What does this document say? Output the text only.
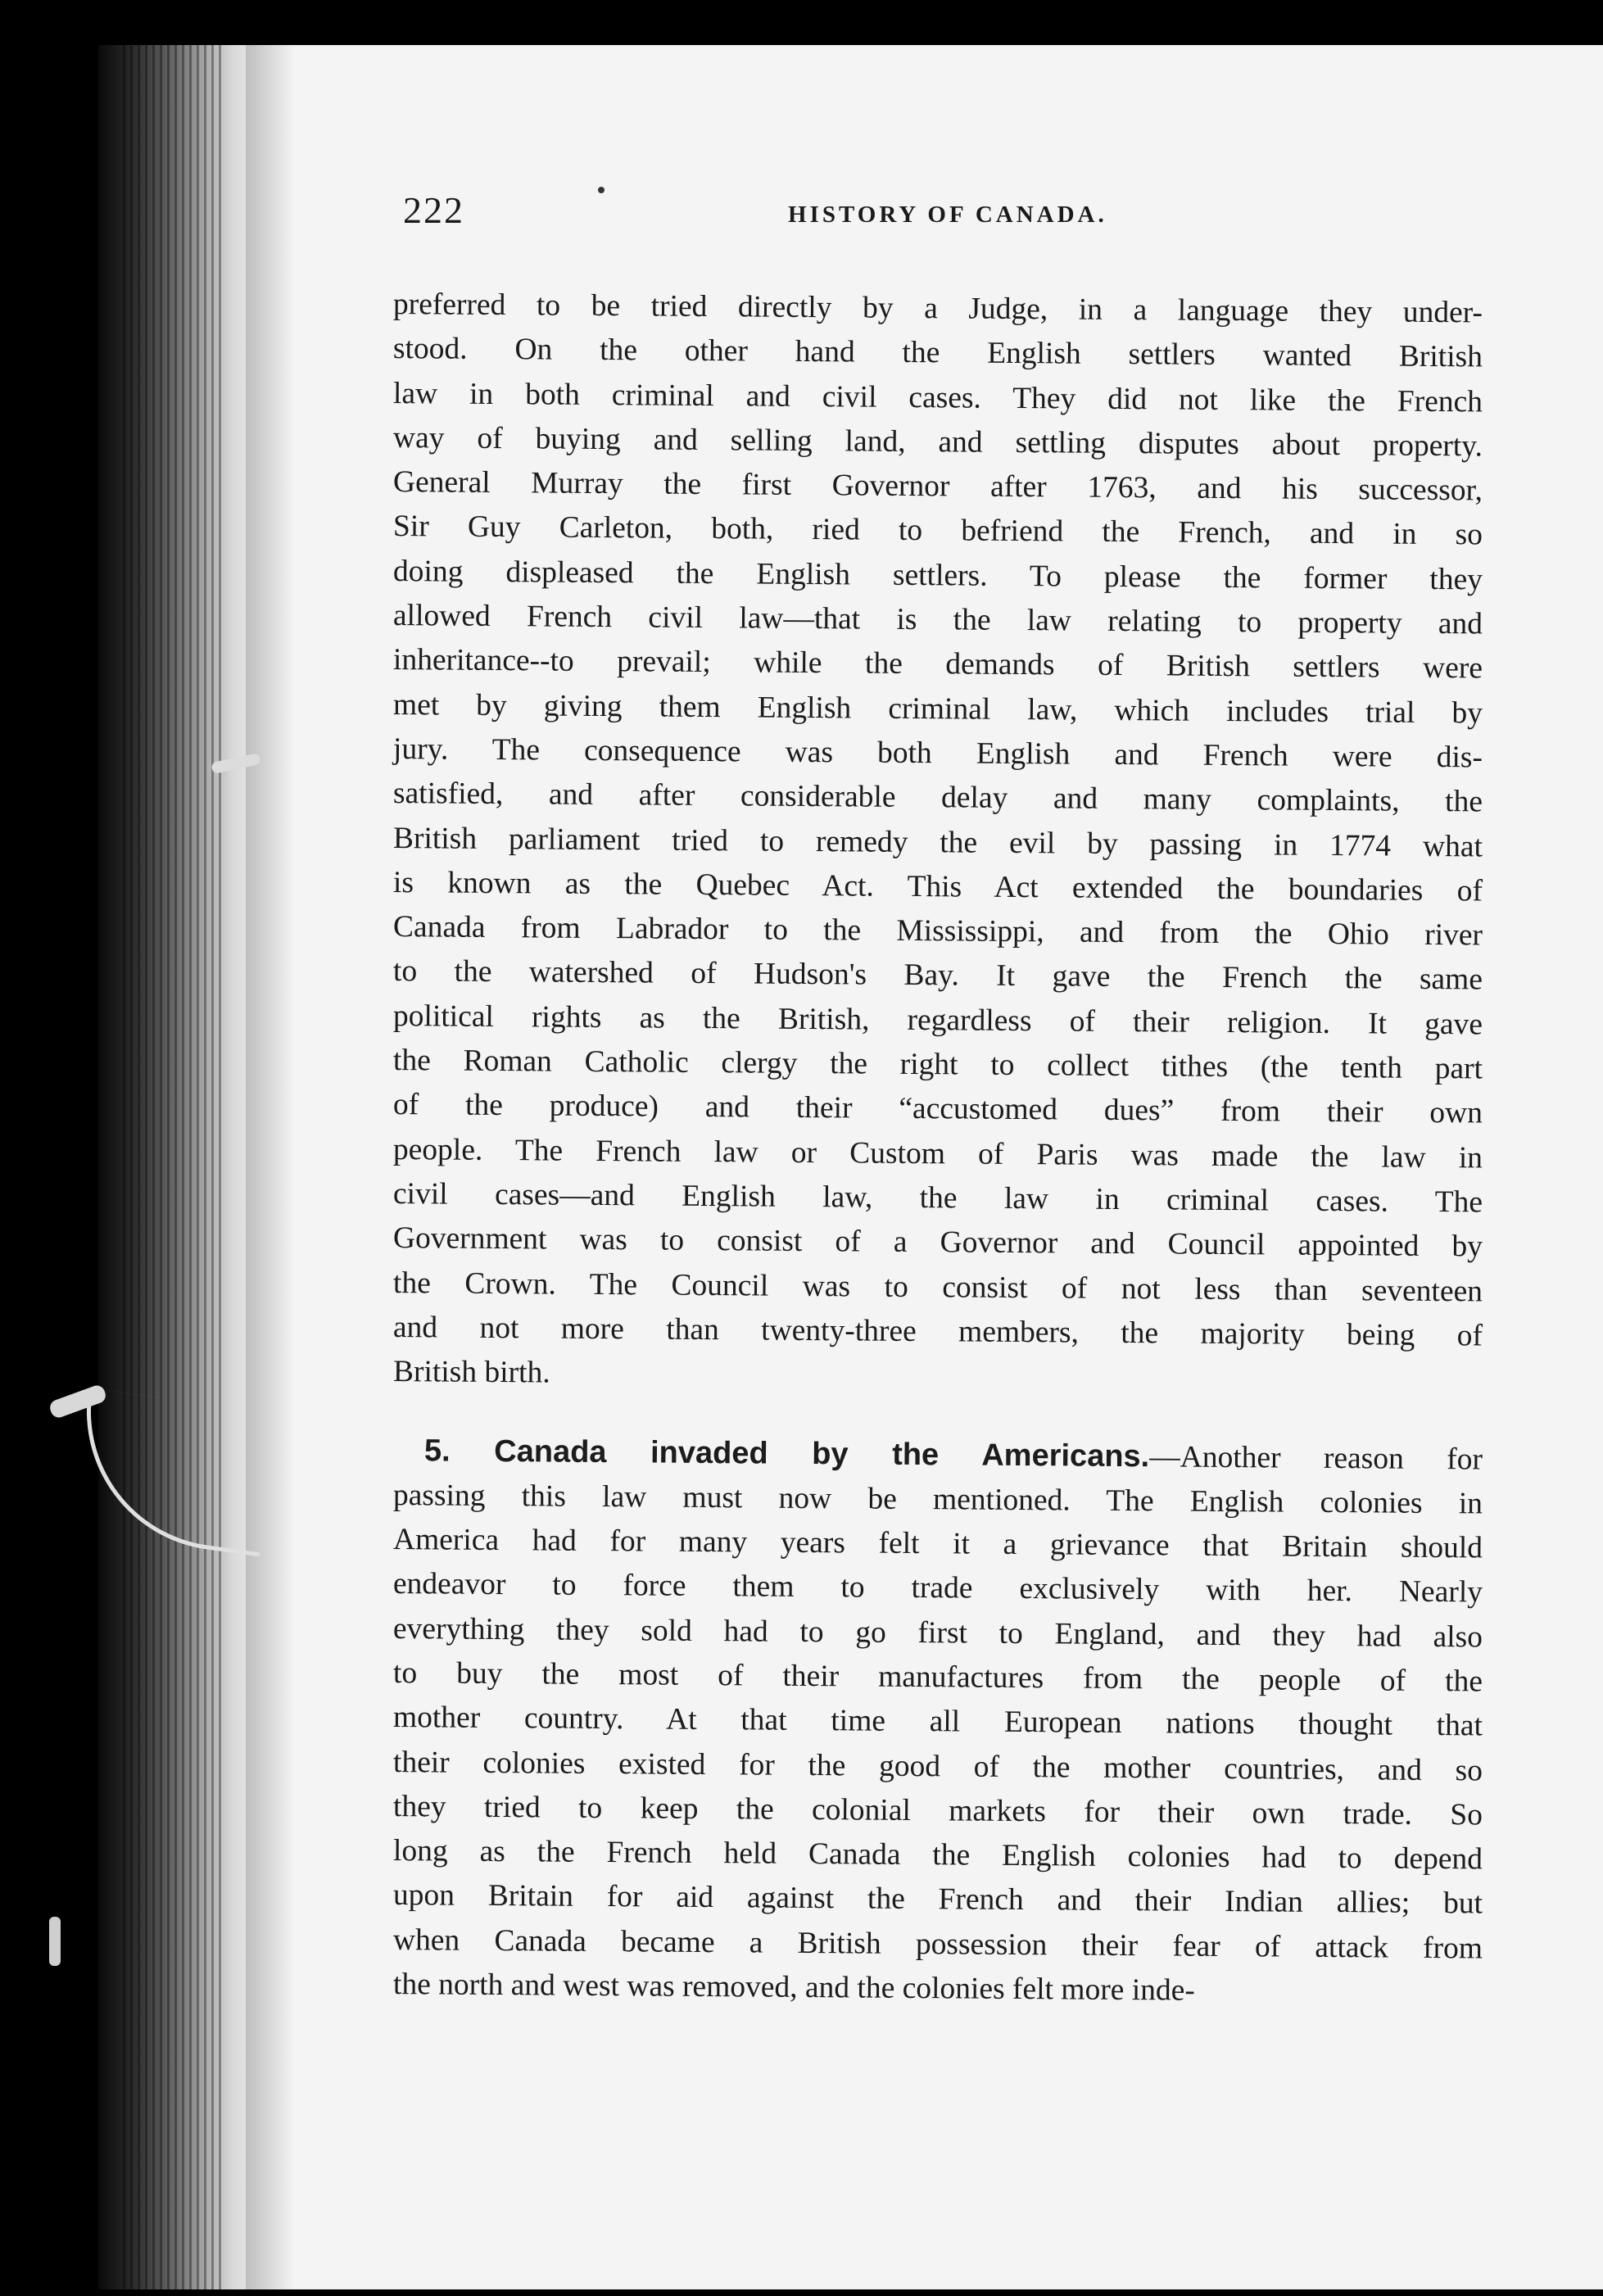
222	HISTORY OF CANADA.
preferred to be tried directly by a Judge, in a language they under-
stood. On the other hand the English settlers wanted British
law in both criminal and civil cases. They did not like the French
way of buying and selling land, and settling disputes about property.
General Murray the first Governor after 1763, and his successor,
Sir Guy Carleton, both, ried to befriend the French, and in so
doing displeased the English settlers. To please the former they
allowed French civil law—that is the law relating to property and
inheritance--to prevail; while the demands of British settlers were
met by giving them English criminal law, which includes trial by
jury. The consequence was both English and French were dis-
satisfied, and after considerable delay and many complaints, the
British parliament tried to remedy the evil by passing in 1774 what
is known as the Quebec Act. This Act extended the boundaries of
Canada from Labrador to the Mississippi, and from the Ohio river
to the watershed of Hudson's Bay. It gave the French the same
political rights as the British, regardless of their religion. It gave
the Roman Catholic clergy the right to collect tithes (the tenth part
of the produce) and their “accustomed dues” from their own
people. The French law or Custom of Paris was made the law in
civil cases—and English law, the law in criminal cases. The
Government was to consist of a Governor and Council appointed by
the Crown. The Council was to consist of not less than seventeen
and not more than twenty-three members, the majority being of
British birth.
5. Canada invaded by the Americans.—Another reason for
passing this law must now be mentioned. The English colonies in
America had for many years felt it a grievance that Britain should
endeavor to force them to trade exclusively with her. Nearly
everything they sold had to go first to England, and they had also
to buy the most of their manufactures from the people of the
mother country. At that time all European nations thought that
their colonies existed for the good of the mother countries, and so
they tried to keep the colonial markets for their own trade. So
long as the French held Canada the English colonies had to depend
upon Britain for aid against the French and their Indian allies; but
when Canada became a British possession their fear of attack from
the north and west was removed, and the colonies felt more inde-
